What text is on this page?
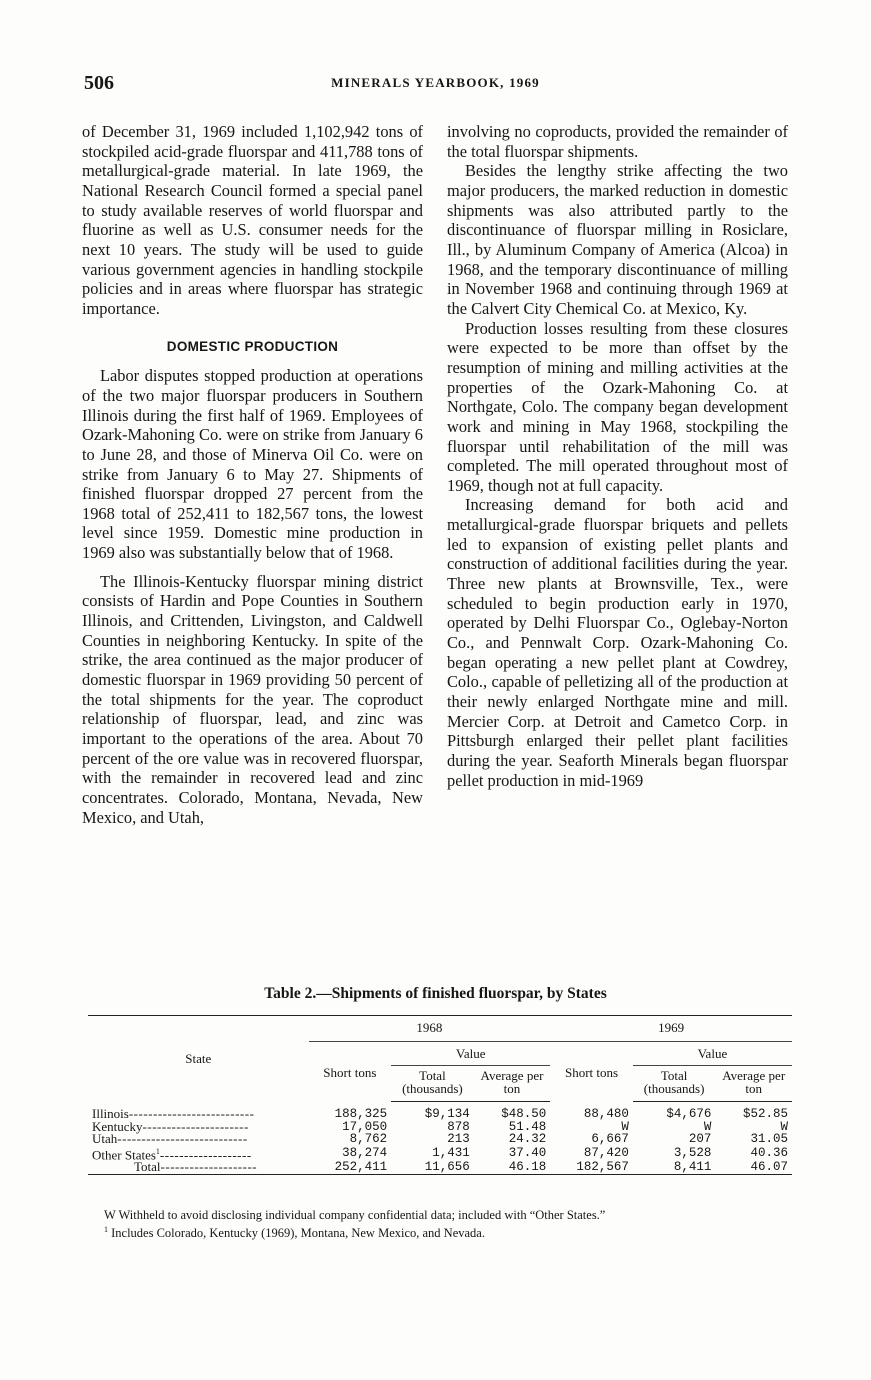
506	MINERALS YEARBOOK, 1969

of December 31, 1969 included 1,102,942 tons of stockpiled acid-grade fluorspar and 411,788 tons of metallurgical-grade material. In late 1969, the National Research Council formed a special panel to study available reserves of world fluorspar and fluorine as well as U.S. consumer needs for the next 10 years. The study will be used to guide various government agencies in handling stockpile policies and in areas where fluorspar has strategic importance.

DOMESTIC PRODUCTION

Labor disputes stopped production at operations of the two major fluorspar producers in Southern Illinois during the first half of 1969. Employees of Ozark-Mahoning Co. were on strike from January 6 to June 28, and those of Minerva Oil Co. were on strike from January 6 to May 27. Shipments of finished fluorspar dropped 27 percent from the 1968 total of 252,411 to 182,567 tons, the lowest level since 1959. Domestic mine production in 1969 also was substantially below that of 1968.

The Illinois-Kentucky fluorspar mining district consists of Hardin and Pope Counties in Southern Illinois, and Crittenden, Livingston, and Caldwell Counties in neighboring Kentucky. In spite of the strike, the area continued as the major producer of domestic fluorspar in 1969 providing 50 percent of the total shipments for the year. The coproduct relationship of fluorspar, lead, and zinc was important to the operations of the area. About 70 percent of the ore value was in recovered fluorspar, with the remainder in recovered lead and zinc concentrates. Colorado, Montana, Nevada, New Mexico, and Utah,

involving no coproducts, provided the remainder of the total fluorspar shipments.

Besides the lengthy strike affecting the two major producers, the marked reduction in domestic shipments was also attributed partly to the discontinuance of fluorspar milling in Rosiclare, Ill., by Aluminum Company of America (Alcoa) in 1968, and the temporary discontinuance of milling in November 1968 and continuing through 1969 at the Calvert City Chemical Co. at Mexico, Ky.

Production losses resulting from these closures were expected to be more than offset by the resumption of mining and milling activities at the properties of the Ozark-Mahoning Co. at Northgate, Colo. The company began development work and mining in May 1968, stockpiling the fluorspar until rehabilitation of the mill was completed. The mill operated throughout most of 1969, though not at full capacity.

Increasing demand for both acid and metallurgical-grade fluorspar briquets and pellets led to expansion of existing pellet plants and construction of additional facilities during the year. Three new plants at Brownsville, Tex., were scheduled to begin production early in 1970, operated by Delhi Fluorspar Co., Oglebay-Norton Co., and Pennwalt Corp. Ozark-Mahoning Co. began operating a new pellet plant at Cowdrey, Colo., capable of pelletizing all of the production at their newly enlarged Northgate mine and mill. Mercier Corp. at Detroit and Cametco Corp. in Pittsburgh enlarged their pellet plant facilities during the year. Seaforth Minerals began fluorspar pellet production in mid-1969

Table 2.—Shipments of finished fluorspar, by States
State	1968			1969		
	Short tons	Value		Short tons	Value	
		Total (thousands)	Average per ton		Total (thousands)	Average per ton

Illinois--------------------------	188,325	$9,134	$48.50	88,480	$4,676	$52.85
Kentucky----------------------	17,050	878	51.48	W	W	W
Utah---------------------------	8,762	213	24.32	6,667	207	31.05
Other States$^1$-------------------	38,274	1,431	37.40	87,420	3,528	40.36
Total--------------------	252,411	11,656	46.18	182,567	8,411	46.07

W Withheld to avoid disclosing individual company confidential data; included with “Other States.”

$^1$ Includes Colorado, Kentucky (1969), Montana, New Mexico, and Nevada.
